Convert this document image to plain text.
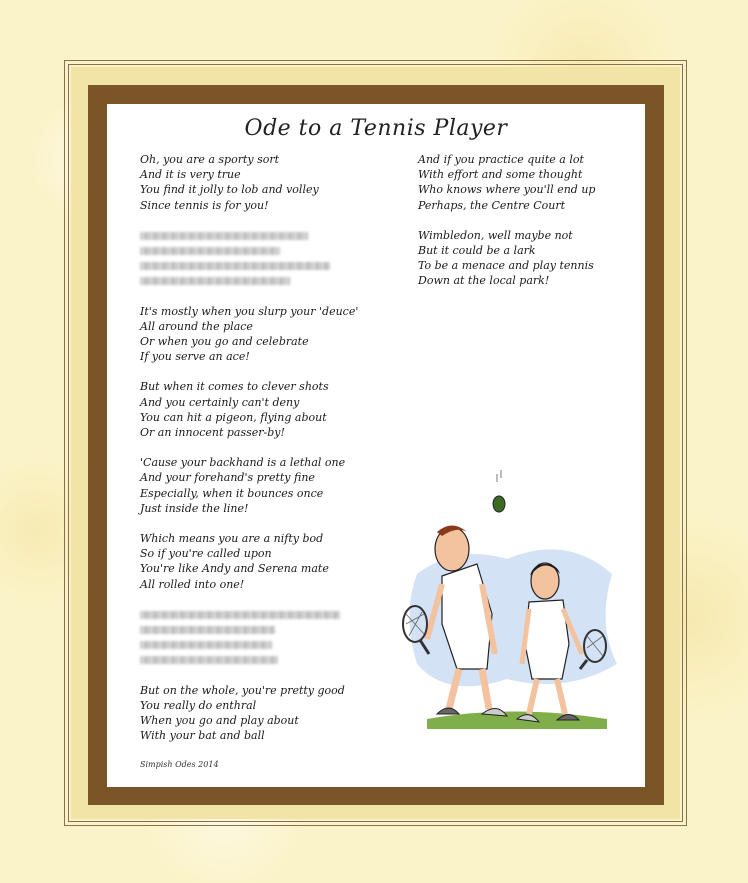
Ode to a Tennis Player
Oh, you are a sporty sort
And it is very true
You find it jolly to lob and volley
Since tennis is for you!
It's mostly when you slurp your 'deuce'
All around the place
Or when you go and celebrate
If you serve an ace!
But when it comes to clever shots
And you certainly can't deny
You can hit a pigeon, flying about
Or an innocent passer-by!
'Cause your backhand is a lethal one
And your forehand's pretty fine
Especially, when it bounces once
Just inside the line!
Which means you are a nifty bod
So if you're called upon
You're like Andy and Serena mate
All rolled into one!
But on the whole, you're pretty good
You really do enthral
When you go and play about
With your bat and ball
And if you practice quite a lot
With effort and some thought
Who knows where you'll end up
Perhaps, the Centre Court
Wimbledon, well maybe not
But it could be a lark
To be a menace and play tennis
Down at the local park!
Simpish Odes 2014
